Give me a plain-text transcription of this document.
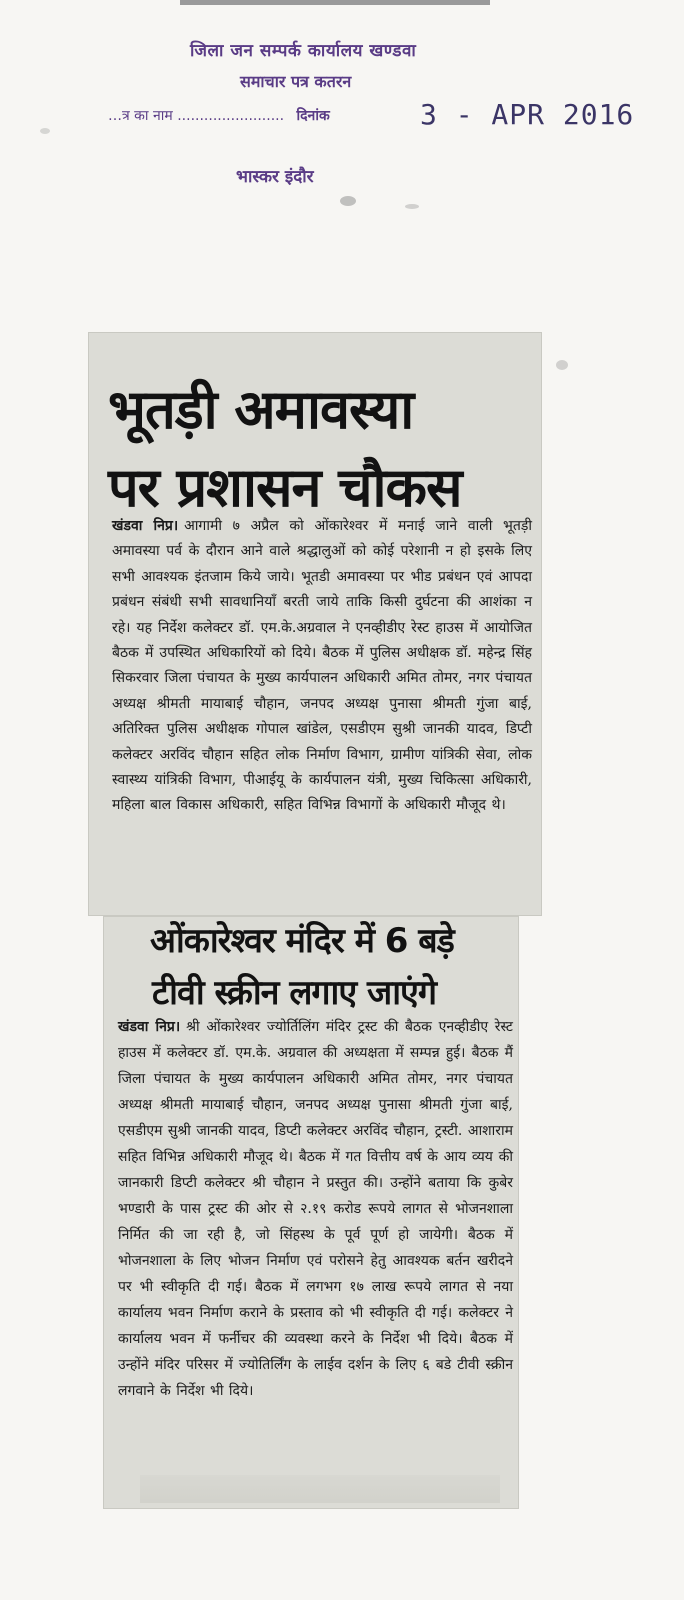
जिला जन सम्पर्क कार्यालय खण्डवा
समाचार पत्र कतरन
…त्र का नाम ........................ दिनांक	3 - APR 2016
भास्कर इंदौर
भूतड़ी अमावस्या
पर प्रशासन चौकस
खंडवा निप्र। आगामी ७ अप्रैल को ओंकारेश्वर में मनाई जाने वाली भूतड़ी अमावस्या पर्व के दौरान आने वाले श्रद्धालुओं को कोई परेशानी न हो इसके लिए सभी आवश्यक इंतजाम किये जाये। भूतडी अमावस्या पर भीड प्रबंधन एवं आपदा प्रबंधन संबंधी सभी सावधानियाँ बरती जाये ताकि किसी दुर्घटना की आशंका न रहे। यह निर्देश कलेक्टर डॉ. एम.के.अग्रवाल ने एनव्हीडीए रेस्ट हाउस में आयोजित बैठक में उपस्थित अधिकारियों को दिये। बैठक में पुलिस अधीक्षक डॉ. महेन्द्र सिंह सिकरवार जिला पंचायत के मुख्य कार्यपालन अधिकारी अमित तोमर, नगर पंचायत अध्यक्ष श्रीमती मायाबाई चौहान, जनपद अध्यक्ष पुनासा श्रीमती गुंजा बाई, अतिरिक्त पुलिस अधीक्षक गोपाल खांडेल, एसडीएम सुश्री जानकी यादव, डिप्टी कलेक्टर अरविंद चौहान सहित लोक निर्माण विभाग, ग्रामीण यांत्रिकी सेवा, लोक स्वास्थ्य यांत्रिकी विभाग, पीआईयू के कार्यपालन यंत्री, मुख्य चिकित्सा अधिकारी, महिला बाल विकास अधिकारी, सहित विभिन्न विभागों के अधिकारी मौजूद थे।
ओंकारेश्वर मंदिर में 6 बड़े
टीवी स्क्रीन लगाए जाएंगे
खंडवा निप्र। श्री ओंकारेश्वर ज्योर्तिलिंग मंदिर ट्रस्ट की बैठक एनव्हीडीए रेस्ट हाउस में कलेक्टर डॉ. एम.के. अग्रवाल की अध्यक्षता में सम्पन्न हुई। बैठक मैं जिला पंचायत के मुख्य कार्यपालन अधिकारी अमित तोमर, नगर पंचायत अध्यक्ष श्रीमती मायाबाई चौहान, जनपद अध्यक्ष पुनासा श्रीमती गुंजा बाई, एसडीएम सुश्री जानकी यादव, डिप्टी कलेक्टर अरविंद चौहान, ट्रस्टी. आशाराम सहित विभिन्न अधिकारी मौजूद थे। बैठक में गत वित्तीय वर्ष के आय व्यय की जानकारी डिप्टी कलेक्टर श्री चौहान ने प्रस्तुत की। उन्होंने बताया कि कुबेर भण्डारी के पास ट्रस्ट की ओर से २.१९ करोड रूपये लागत से भोजनशाला निर्मित की जा रही है, जो सिंहस्थ के पूर्व पूर्ण हो जायेगी। बैठक में भोजनशाला के लिए भोजन निर्माण एवं परोसने हेतु आवश्यक बर्तन खरीदने पर भी स्वीकृति दी गई। बैठक में लगभग १७ लाख रूपये लागत से नया कार्यालय भवन निर्माण कराने के प्रस्ताव को भी स्वीकृति दी गई। कलेक्टर ने कार्यालय भवन में फर्नीचर की व्यवस्था करने के निर्देश भी दिये। बैठक में उन्होंने मंदिर परिसर में ज्योतिर्लिंग के लाईव दर्शन के लिए ६ बडे टीवी स्क्रीन लगवाने के निर्देश भी दिये।
